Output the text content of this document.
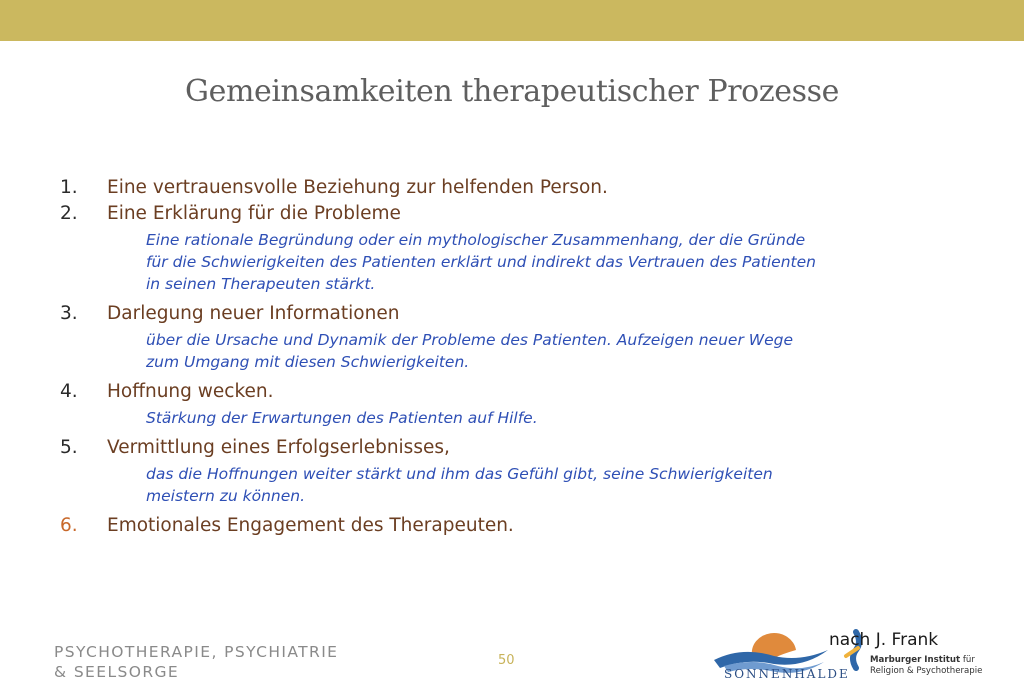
Gemeinsamkeiten therapeutischer Prozesse
1.	Eine vertrauensvolle Beziehung zur helfenden Person.
2.	Eine Erklärung für die Probleme
Eine rationale Begründung oder ein mythologischer Zusammenhang, der die Gründe
für die Schwierigkeiten des Patienten erklärt und indirekt das Vertrauen des Patienten
in seinen Therapeuten stärkt.
3.	Darlegung neuer Informationen
über die Ursache und Dynamik der Probleme des Patienten. Aufzeigen neuer Wege
zum Umgang mit diesen Schwierigkeiten.
4.	Hoffnung wecken.
Stärkung der Erwartungen des Patienten auf Hilfe.
5.	Vermittlung eines Erfolgserlebnisses,
das die Hoffnungen weiter stärkt und ihm das Gefühl gibt, seine Schwierigkeiten
meistern zu können.
6.	Emotionales Engagement des Therapeuten.
PSYCHOTHERAPIE, PSYCHIATRIE
& SEELSORGE
50
SONNENHALDE
nach J. Frank
Marburger Institut für
Religion & Psychotherapie
